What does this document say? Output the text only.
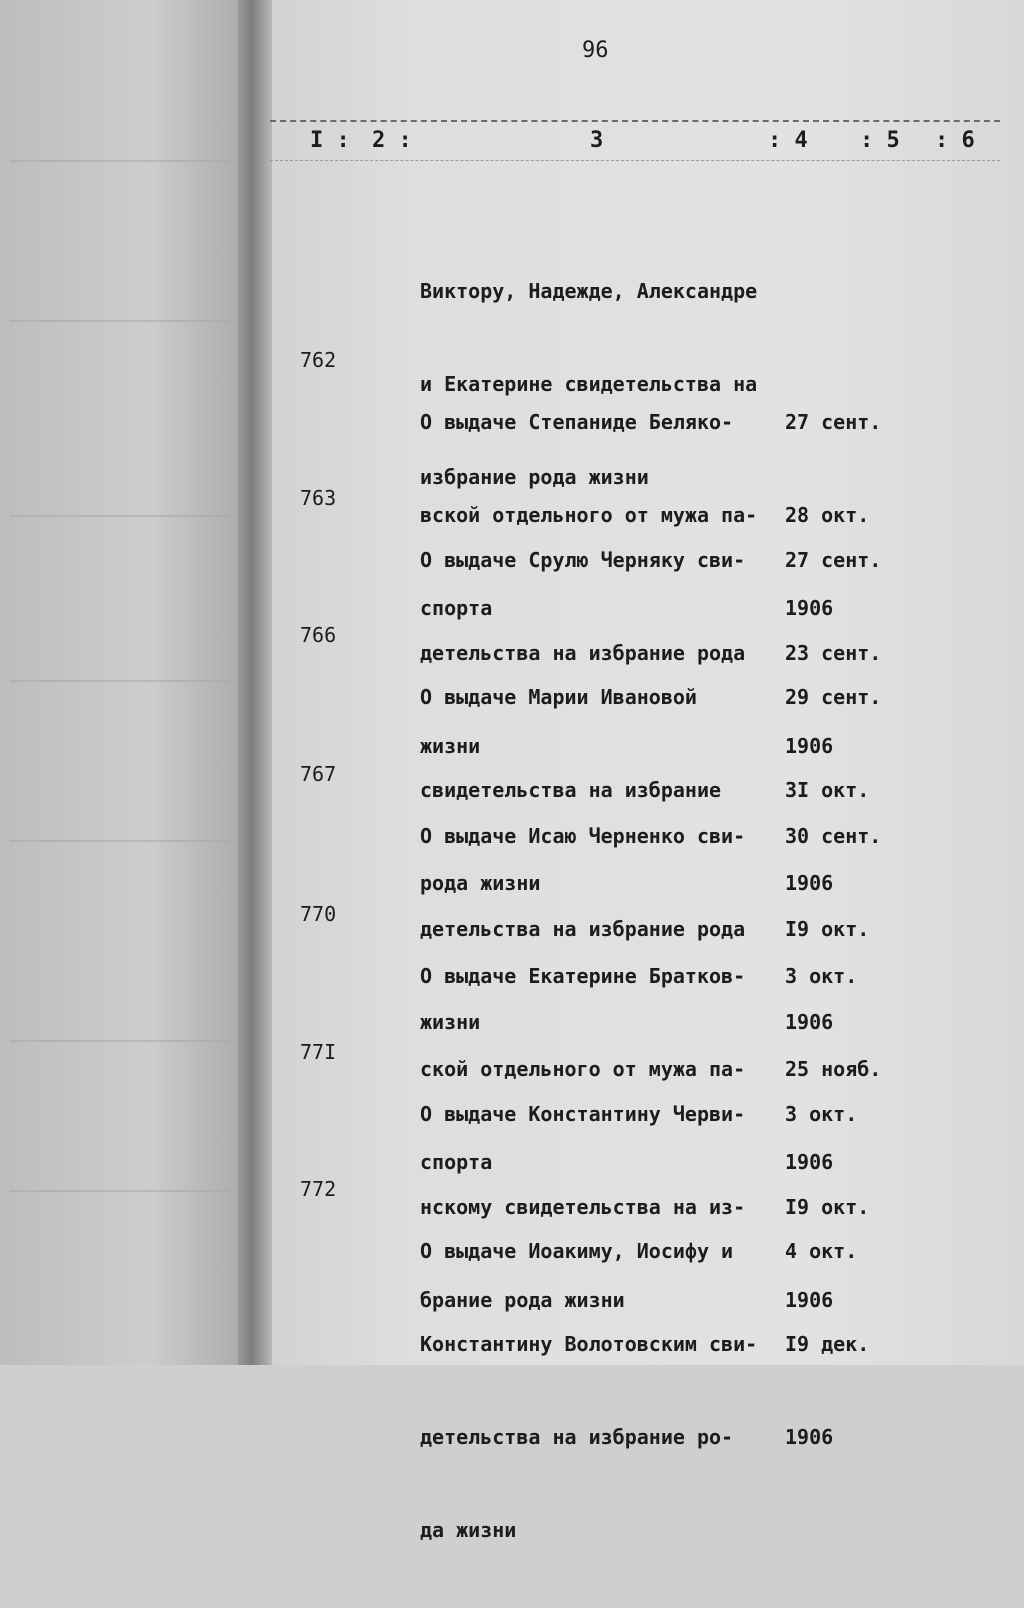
96
I : 2 :	3	: 4 : 5 : 6

Виктору, Надежде, Александре

и Екатерине свидетельства на

избрание рода жизни

762

О выдаче Степаниде Беляко-

вской отдельного от мужа па-

спорта

27 сент.

28 окт.

1906

763

О выдаче Срулю Черняку сви-

детельства на избрание рода

жизни

27 сент.

23 сент.

1906

766

О выдаче Марии Ивановой

свидетельства на избрание

рода жизни

29 сент.

3I окт.

1906

767

О выдаче Исаю Черненко сви-

детельства на избрание рода

жизни

30 сент.

I9 окт.

1906

770

О выдаче Екатерине Братков-

ской отдельного от мужа па-

спорта

3 окт.

25 нояб.

1906

77I

О выдаче Константину Черви-

нскому свидетельства на из-

брание рода жизни

3 окт.

I9 окт.

1906

772

О выдаче Иоакиму, Иосифу и

Константину Волотовским сви-

детельства на избрание ро-

да жизни

4 окт.

I9 дек.

1906
